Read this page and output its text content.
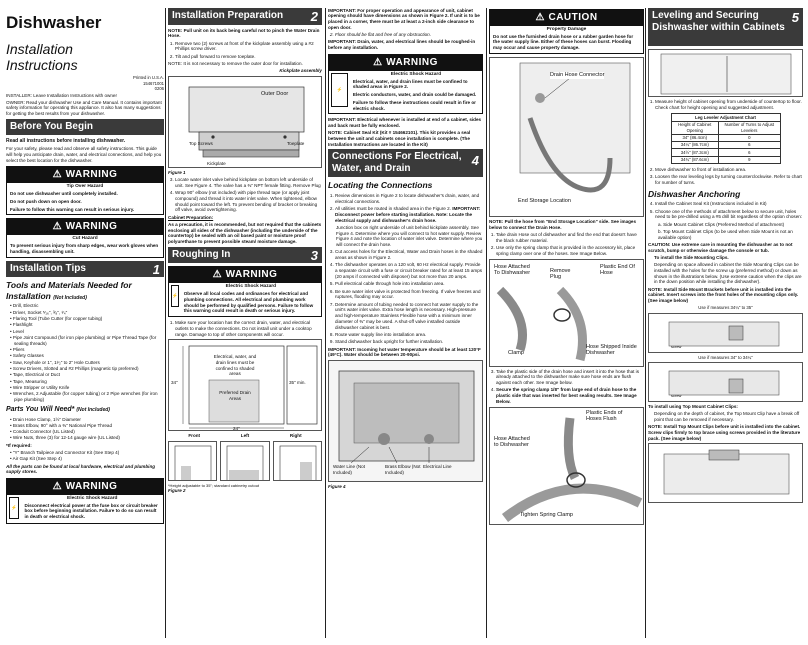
Dishwasher
Installation
Instructions
Printed in U.S.A.
154671001
0206

INSTALLER: Leave Installation Instructions with owner

OWNER: Read your dishwasher Use and Care Manual. It contains important safety information for operating this appliance. It also has many suggestions for getting the best results from your dishwasher.

Before You Begin

Read all instructions before installing dishwasher.

For your safety, please read and observe all safety instructions. This guide will help you anticipate drain, water, and electrical connections, and help you select the best location for the dishwasher.

⚠ WARNING
Tip Over Hazard
Do not use dishwasher until completely installed.
Do not push down on open door.
Failure to follow this warning can result in serious injury.
⚠ WARNING
Cut Hazard
To prevent serious injury from sharp edges, wear work gloves when handling, disassembling unit.
Installation Tips	1
Tools and Materials Needed for Installation (Not Included)
• Drill, Electric
• Driver, Socket ⁵⁄₁₆", ³⁄₈", ¹⁄₄"
• Flaring Tool (Tube Cutter (for copper tubing)
• Flashlight
• Level
• Pipe Joint Compound (for iron pipe plumbing) or Pipe Thread Tape (for sealing threads)
• Pliers
• Safety Glasses
• Saw, Keyhole or 1", 1¹⁄₂" to 2" Hole Cutters
• Screw Drivers, Slotted and #2 Phillips (magnetic tip preferred)
• Tape, Electrical or Duct
• Tape, Measuring
• Wire Stripper or Utility Knife
• Wrenches, 2 Adjustable (for copper tubing) or 2 Pipe wrenches (for iron pipe plumbing)
Parts You Will Need* (Not Included)
• Drain Hose Clamp, 1½" Diameter
• Brass Elbow, 90° with a ⅜" National Pipe Thread
• Conduit Connector (UL Listed)
• Wire Nuts, three (3) for 12-14 gauge wire (UL Listed)

*If required:

• "Y" Branch Tailpiece and Connector Kit (See Step 4)
• Air Gap Kit (See Step 4)

All the parts can be found at local hardware, electrical and plumbing supply stores.

⚠ WARNING
⚡
Electric Shock Hazard
Disconnect electrical power at the fuse box or circuit breaker box before beginning installation. Failure to do so can result in death or electrical shock.
Installation Preparation 2

NOTE: Pull unit on its back being careful not to pinch the Water Drain Hose.

1. Remove two (2) screws at front of the kickplate assembly using a #2 Phillips screw driver.
2. Tilt and pull forward to remove toeplate.

NOTE: It is not necessary to remove the outer door for installation.

Kickplate assembly
Outer Door
Top Screws
Kickplate
Toeplate
Figure 1
3. Locate water inlet valve behind kickplate on bottom left underside of unit. See Figure 4. The valve has a ⅜" NPT female fitting. Remove Plug
4. Wrap 90° elbow (not included) with pipe thread tape (or apply joint compound) and thread it into water inlet valve. When tightened, elbow should point toward the left. To prevent bending of bracket or breaking off valve, avoid overtightening.

Cabinet Preparation:

As a precaution, it is recommended, but not required that the cabinets enclosing all sides of the dishwasher (including the underside of the countertop) be sealed with an oil based paint or moisture proof polyurethane to prevent possible steam/ moisture damage.

Roughing In	3
⚠ WARNING
⚡
Electric Shock Hazard
Observe all local codes and ordinances for electrical and plumbing connections. All electrical and plumbing work should be performed by qualified persons. Failure to follow this warning could result in death or serious injury.
1. Make sure your location has the correct drain, water, and electrical outlets to make the connections. Do not install unit under a cooktop range. Damage to top of other components will occur.
34"
24"
Electrical, water, and drain lines must be confined to shaded areas
Preferred Drain Areas
35" min.
Front	Left	Right
*Height adjustable to 35"; standard cabinetry cutout
Figure 2

IMPORTANT: For proper operation and appearance of unit, cabinet opening should have dimensions as shown in Figure 2. If unit is to be placed in a corner, there must be at least a 2-inch side clearance to open door.

2. Floor should be flat and free of any obstruction.

IMPORTANT: Drain, water, and electrical lines should be roughed-in before any installation.

⚠ WARNING
⚡
Electric Shock Hazard
Electrical, water, and drain lines must be confined to shaded areas in Figure 2.
Electric conductors, water, and drain could be damaged.
Failure to follow these instructions could result in fire or electric shock.

IMPORTANT: Electrical whenever is installed at end of a cabinet, sides and back must be fully enclosed.

NOTE: Cabinet Seal Kit (Kit # 154662101). This kit provides a seal between the unit and cabinets once installation is complete. (The Installation Instructions are located in the Kit)

Connections For Electrical, Water, and Drain
4
Locating the Connections
1. Review dimensions in Figure 2 to locate dishwasher's drain, water, and electrical connections.
2. All utilities must be routed in shaded area in the Figure 2. IMPORTANT: Disconnect power before starting installation. Note: Locate the electrical supply and dishwasher's drain hose.

Junction box on right underside of unit behind kickplate assembly. See Figure 4. Determine where you will connect to hot water supply. Review Figure 4 and note the location of water inlet valve. Determine where you will connect the drain hose.

3. Cut access holes for the Electrical, Water and Drain hoses in the shaded areas as shown in Figure 2.
4. The dishwasher operates on a 120 volt, 60 Hz electrical supply. Provide a separate circuit with a fuse or circuit breaker rated for at least 15 amps (20 amps if connected with disposer) but not more than 20 amps.
5. Pull electrical cable through hole into installation area.
6. Be sure water inlet valve is protected from freezing. If valve freezes and ruptures, flooding may occur.
7. Determine amount of tubing needed to connect hot water supply to the unit's water inlet valve. Extra hose length is necessary. High-pressure and high-temperature Stainless Flexible hose with a minimum inner diameter of ⅜" may be used. A shut-off valve installed outside dishwasher cabinet is best.
8. Route water supply line into installation area.
9. Stand dishwasher back upright for further installation.

IMPORTANT: Incoming hot water temperature should be at least 120°F (49°C). Water should be between 20-90psi.

Water Line (Not Included)
Brass Elbow (Not Included)
Electrical Line
Figure 4
⚠ CAUTION
Property Damage
Do not use the furnished drain hose or a rubber garden hose for the water supply line. Either of these hoses can burst. Flooding may occur and cause property damage.
Drain Hose Connector
End Storage Location

NOTE: Pull the hose from "End Storage Location" side. See images below to connect the Drain Hose.

1. Take drain Hose out of dishwasher and find the end that doesn't have the black rubber material.
2. Use only the spring clamp that is provided in the accessory kit, place spring clamp over one of the hoses. See Image Below.
Hose Attached To Dishwasher	Remove Plug
Plastic End Of Hose
Clamp
Hose Shipped Inside Dishwasher
3. Take the plastic side of the drain hose and insert it into the hose that is already attached to the dishwasher make sure hose ends are flush against each other. See Image below.
4. Secure the spring clamp 1/8" from large end of drain hose to the plastic side that was inserted for best sealing results. See Image Below.
Plastic Ends of Hoses Flush
Hose Attached to Dishwasher
Tighten Spring Clamp
Leveling and Securing Dishwasher within Cabinets
5
1. Measure height of cabinet opening from underside of countertop to floor. Check chart for height opening and suggested adjustment.
Leg Leveler Adjustment Chart	
Height of Cabinet Opening	Number of Turns to Adjust Levelers
34" (86.4cm)	0
34¼" (86.7cm)	6
34½" (87.3cm)	6
34¾" (87.6cm)	9
2. Move dishwasher to front of installation area.
3. Loosen the rear leveling legs by turning counterclockwise. Refer to chart for number of turns.
Dishwasher Anchoring
4. Install the Cabinet Seal Kit (Instructions included in Kit)
5. Choose one of the methods of attachment below to secure unit, holes need to be pre-drilled using a #5 drill bit regardless of the option chosen:

a. Side Mount Cabinet Clips (Preferred Method of attachment)

b. Top Mount Cabinet Clips (to be used when Side Mount is not an available option)

CAUTION: Use extreme care in mounting the dishwasher as to not scratch, bump or otherwise damage the console or tub.

To install the Side Mounting Clips.

Depending on space allowed in cabinet the Side Mounting Clips can be installed with the holes for the screw up (preferred method) or down as shown in the illustrations below. (Use extreme caution when the clips are in the down position while installing the dishwasher).

NOTE: Install Side Mount Brackets before unit is installed into the cabinet. Insert screws into the front holes of the mounting clips only. (See image below)

Use if measures 34¼" to 35"
screw
Use if measures 34" to 34¼"
screw

To install using Top Mount Cabinet Clips:

Depending on the depth of cabinet, the Top Mount Clip have a break off point that can be removed if necessary.

NOTE: Install Top Mount Clips before unit is installed into the cabinet. Screw clips firmly to top brace using screws provided in the literature pack. (See image below)
